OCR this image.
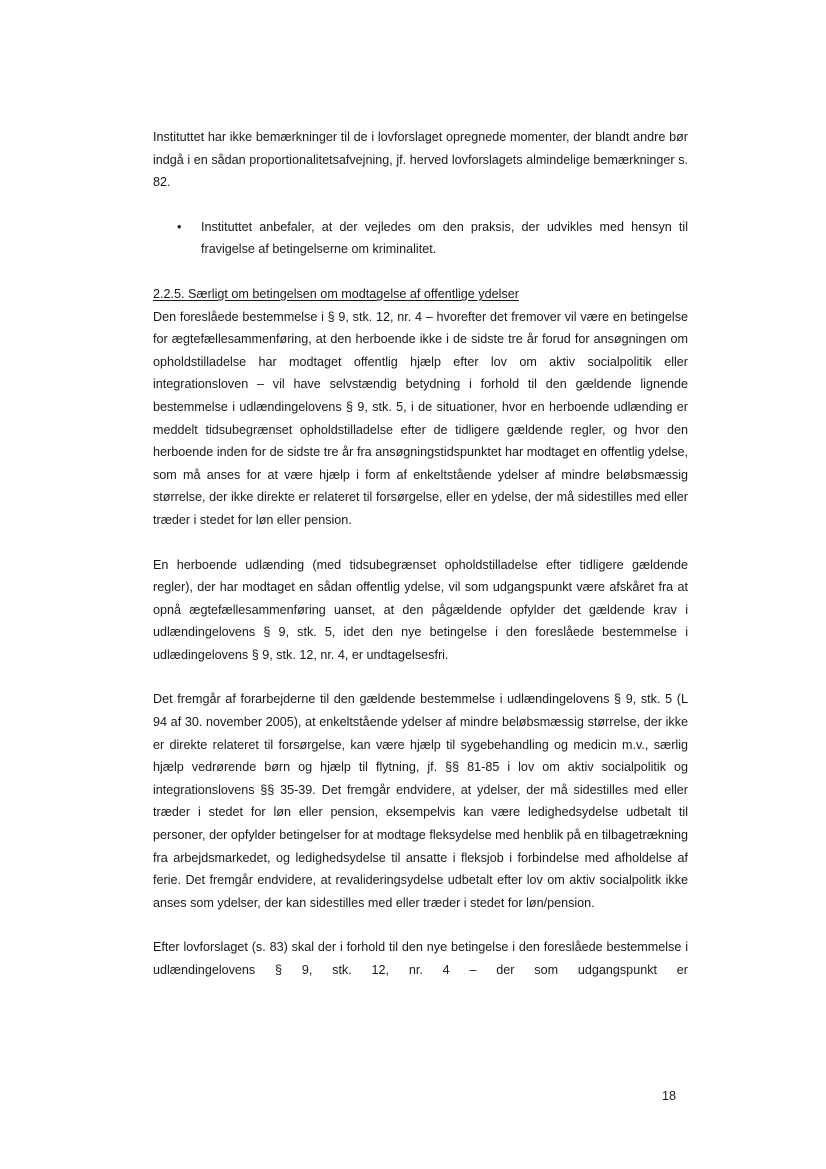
Instituttet har ikke bemærkninger til de i lovforslaget opregnede momenter, der blandt andre bør indgå i en sådan proportionalitetsafvejning, jf. herved lovforslagets almindelige bemærkninger s. 82.

• Instituttet anbefaler, at der vejledes om den praksis, der udvikles med hensyn til fravigelse af betingelserne om kriminalitet.

2.2.5. Særligt om betingelsen om modtagelse af offentlige ydelser

Den foreslåede bestemmelse i § 9, stk. 12, nr. 4 – hvorefter det fremover vil være en betingelse for ægtefællesammenføring, at den herboende ikke i de sidste tre år forud for ansøgningen om opholdstilladelse har modtaget offentlig hjælp efter lov om aktiv socialpolitik eller integrationsloven – vil have selvstændig betydning i forhold til den gældende lignende bestemmelse i udlændingelovens § 9, stk. 5, i de situationer, hvor en herboende udlænding er meddelt tidsubegrænset opholdstilladelse efter de tidligere gældende regler, og hvor den herboende inden for de sidste tre år fra ansøgningstidspunktet har modtaget en offentlig ydelse, som må anses for at være hjælp i form af enkeltstående ydelser af mindre beløbsmæssig størrelse, der ikke direkte er relateret til forsørgelse, eller en ydelse, der må sidestilles med eller træder i stedet for løn eller pension.

En herboende udlænding (med tidsubegrænset opholdstilladelse efter tidligere gældende regler), der har modtaget en sådan offentlig ydelse, vil som udgangspunkt være afskåret fra at opnå ægtefællesammenføring uanset, at den pågældende opfylder det gældende krav i udlændingelovens § 9, stk. 5, idet den nye betingelse i den foreslåede bestemmelse i udlædingelovens § 9, stk. 12, nr. 4, er undtagelsesfri.

Det fremgår af forarbejderne til den gældende bestemmelse i udlændingelovens § 9, stk. 5 (L 94 af 30. november 2005), at enkeltstående ydelser af mindre beløbsmæssig størrelse, der ikke er direkte relateret til forsørgelse, kan være hjælp til sygebehandling og medicin m.v., særlig hjælp vedrørende børn og hjælp til flytning, jf. §§ 81-85 i lov om aktiv socialpolitik og integrationslovens §§ 35-39. Det fremgår endvidere, at ydelser, der må sidestilles med eller træder i stedet for løn eller pension, eksempelvis kan være ledighedsydelse udbetalt til personer, der opfylder betingelser for at modtage fleksydelse med henblik på en tilbagetrækning fra arbejdsmarkedet, og ledighedsydelse til ansatte i fleksjob i forbindelse med afholdelse af ferie. Det fremgår endvidere, at revalideringsydelse udbetalt efter lov om aktiv socialpolitk ikke anses som ydelser, der kan sidestilles med eller træder i stedet for løn/pension.

Efter lovforslaget (s. 83) skal der i forhold til den nye betingelse i den foreslåede bestemmelse i udlændingelovens § 9, stk. 12, nr. 4 – der som udgangspunkt er

18
